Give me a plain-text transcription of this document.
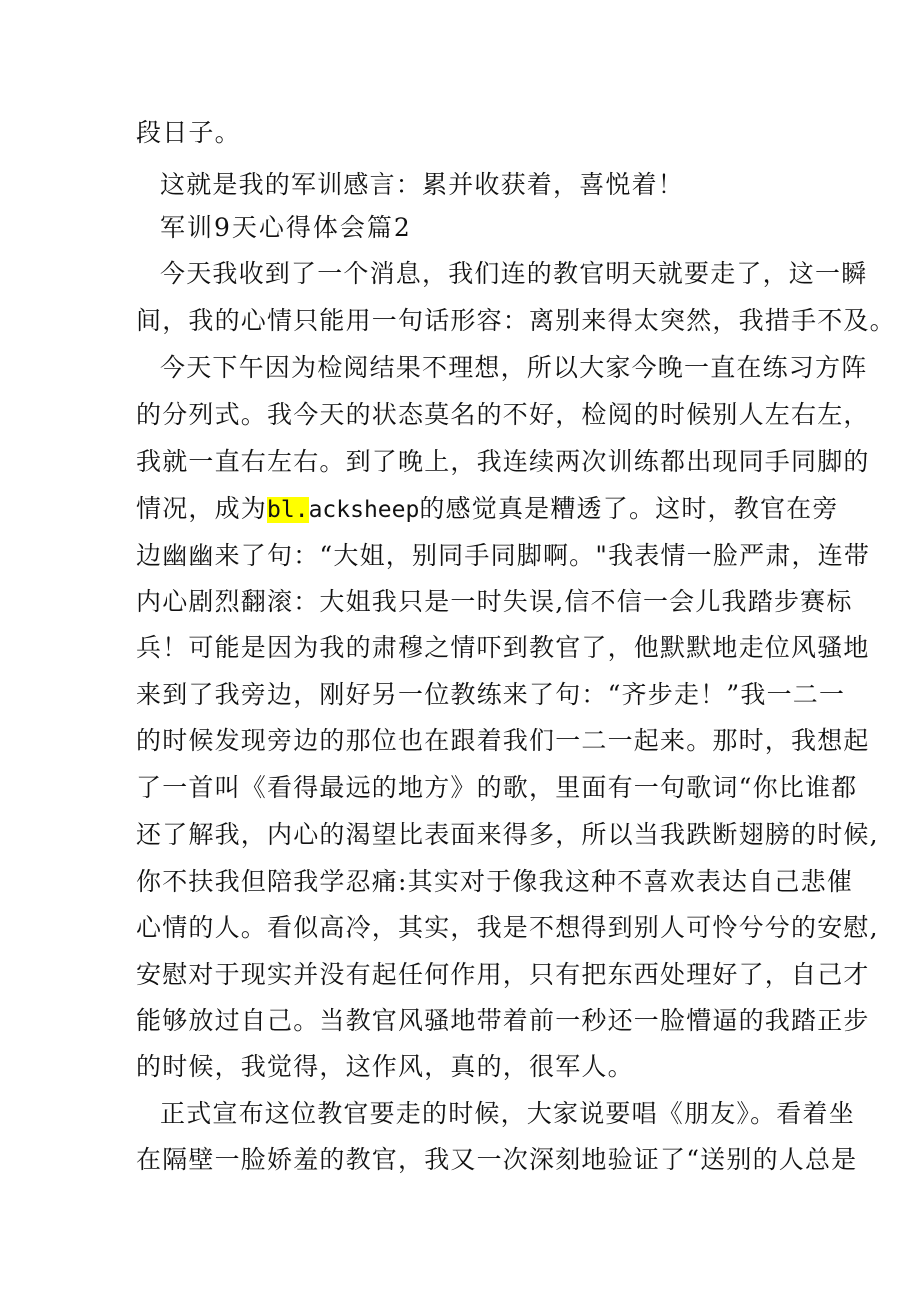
段日子。

这就是我的军训感言：累并收获着，喜悦着！

军训9天心得体会篇2

今天我收到了一个消息，我们连的教官明天就要走了，这一瞬

间，我的心情只能用一句话形容：离别来得太突然，我措手不及。

今天下午因为检阅结果不理想，所以大家今晚一直在练习方阵

的分列式。我今天的状态莫名的不好，检阅的时候别人左右左，

我就一直右左右。到了晚上，我连续两次训练都出现同手同脚的

情况，成为bl.acksheep的感觉真是糟透了。这时，教官在旁

边幽幽来了句：“大姐，别同手同脚啊。"我表情一脸严肃，连带

内心剧烈翻滚：大姐我只是一时失误,信不信一会儿我踏步赛标

兵！可能是因为我的肃穆之情吓到教官了，他默默地走位风骚地

来到了我旁边，刚好另一位教练来了句：“齐步走！”我一二一

的时候发现旁边的那位也在跟着我们一二一起来。那时，我想起

了一首叫《看得最远的地方》的歌，里面有一句歌词“你比谁都

还了解我，内心的渴望比表面来得多，所以当我跌断翅膀的时候,

你不扶我但陪我学忍痛:其实对于像我这种不喜欢表达自己悲催

心情的人。看似高冷，其实，我是不想得到别人可怜兮兮的安慰,

安慰对于现实并没有起任何作用，只有把东西处理好了，自己才

能够放过自己。当教官风骚地带着前一秒还一脸懵逼的我踏正步

的时候，我觉得，这作风，真的，很军人。

正式宣布这位教官要走的时候，大家说要唱《朋友》。看着坐

在隔壁一脸娇羞的教官，我又一次深刻地验证了“送别的人总是
